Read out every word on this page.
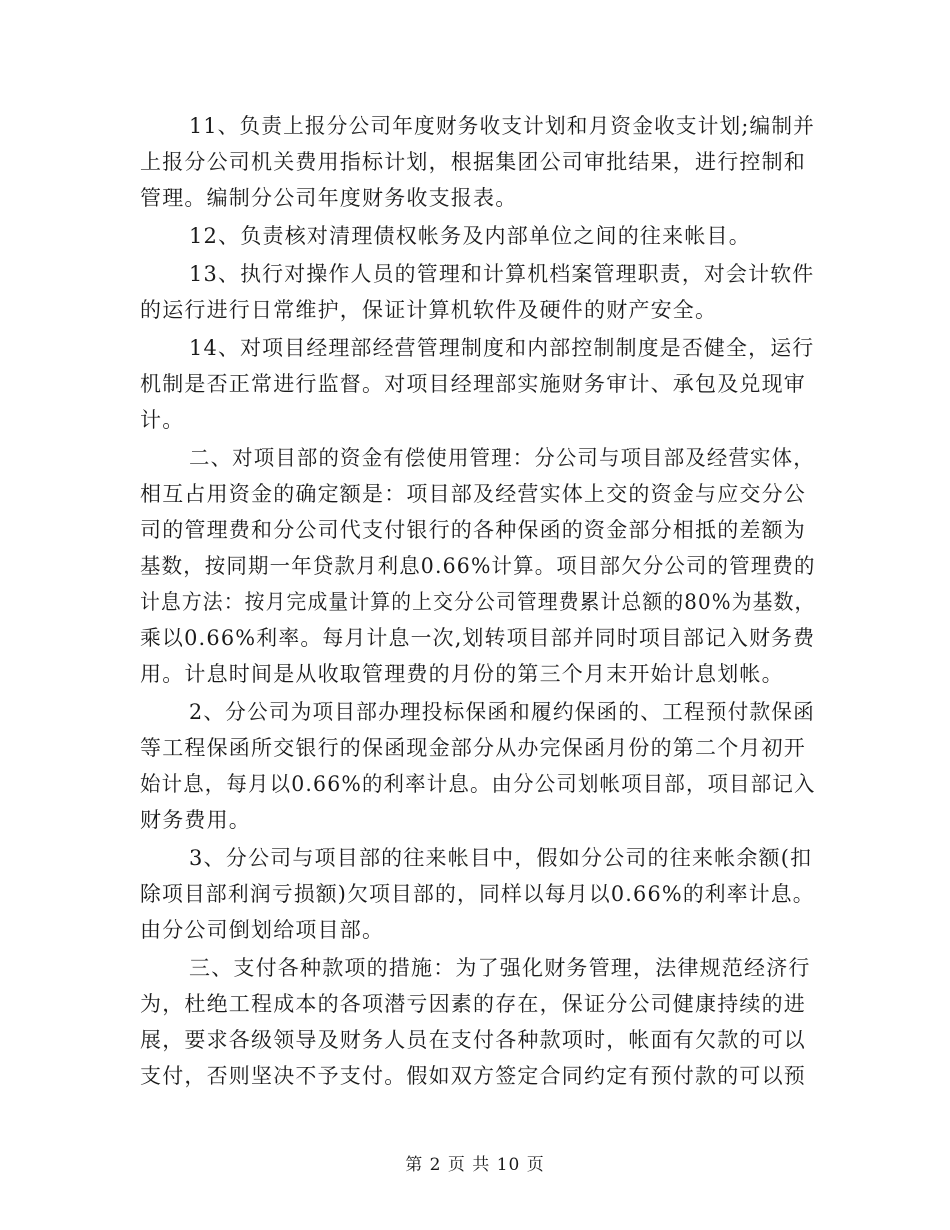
11、负责上报分公司年度财务收支计划和月资金收支计划;编制并
上报分公司机关费用指标计划，根据集团公司审批结果，进行控制和
管理。编制分公司年度财务收支报表。
12、负责核对清理债权帐务及内部单位之间的往来帐目。
13、执行对操作人员的管理和计算机档案管理职责，对会计软件
的运行进行日常维护，保证计算机软件及硬件的财产安全。
14、对项目经理部经营管理制度和内部控制制度是否健全，运行
机制是否正常进行监督。对项目经理部实施财务审计、承包及兑现审
计。
二、对项目部的资金有偿使用管理：分公司与项目部及经营实体，
相互占用资金的确定额是：项目部及经营实体上交的资金与应交分公
司的管理费和分公司代支付银行的各种保函的资金部分相抵的差额为
基数，按同期一年贷款月利息0.66%计算。项目部欠分公司的管理费的
计息方法：按月完成量计算的上交分公司管理费累计总额的80%为基数，
乘以0.66%利率。每月计息一次,划转项目部并同时项目部记入财务费
用。计息时间是从收取管理费的月份的第三个月末开始计息划帐。
2、分公司为项目部办理投标保函和履约保函的、工程预付款保函
等工程保函所交银行的保函现金部分从办完保函月份的第二个月初开
始计息，每月以0.66%的利率计息。由分公司划帐项目部，项目部记入
财务费用。
3、分公司与项目部的往来帐目中，假如分公司的往来帐余额(扣
除项目部利润亏损额)欠项目部的，同样以每月以0.66%的利率计息。
由分公司倒划给项目部。
三、支付各种款项的措施：为了强化财务管理，法律规范经济行
为，杜绝工程成本的各项潜亏因素的存在，保证分公司健康持续的进
展，要求各级领导及财务人员在支付各种款项时，帐面有欠款的可以
支付，否则坚决不予支付。假如双方签定合同约定有预付款的可以预
第 2 页 共 10 页
